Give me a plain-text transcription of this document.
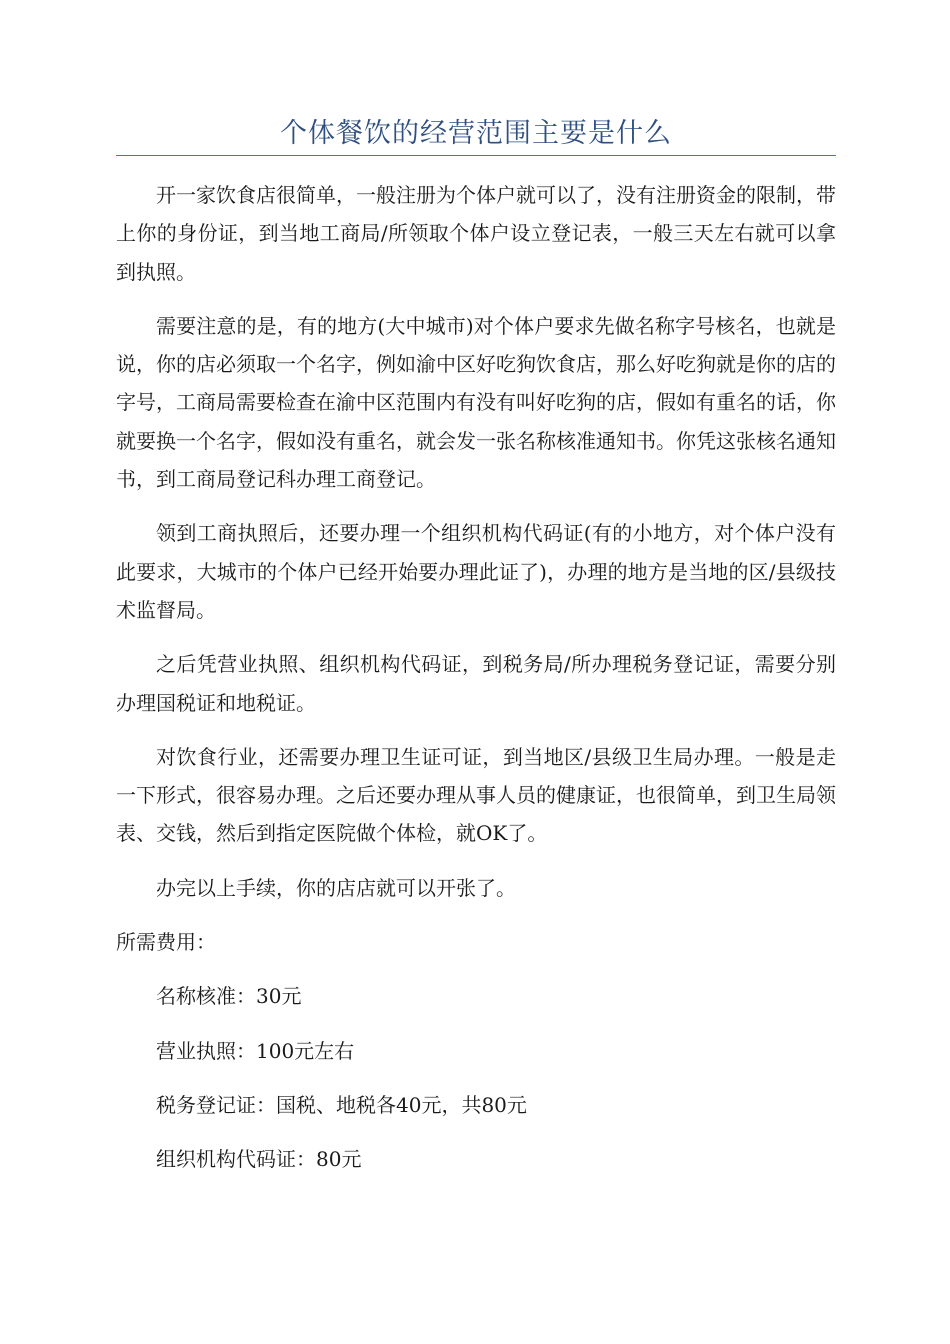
个体餐饮的经营范围主要是什么

开一家饮食店很简单，一般注册为个体户就可以了，没有注册资金的限制，带上你的身份证，到当地工商局/所领取个体户设立登记表，一般三天左右就可以拿到执照。

需要注意的是，有的地方(大中城市)对个体户要求先做名称字号核名，也就是说，你的店必须取一个名字，例如渝中区好吃狗饮食店，那么好吃狗就是你的店的字号，工商局需要检查在渝中区范围内有没有叫好吃狗的店，假如有重名的话，你就要换一个名字，假如没有重名，就会发一张名称核准通知书。你凭这张核名通知书，到工商局登记科办理工商登记。

领到工商执照后，还要办理一个组织机构代码证(有的小地方，对个体户没有此要求，大城市的个体户已经开始要办理此证了)，办理的地方是当地的区/县级技术监督局。

之后凭营业执照、组织机构代码证，到税务局/所办理税务登记证，需要分别办理国税证和地税证。

对饮食行业，还需要办理卫生证可证，到当地区/县级卫生局办理。一般是走一下形式，很容易办理。之后还要办理从事人员的健康证，也很简单，到卫生局领表、交钱，然后到指定医院做个体检，就OK了。

办完以上手续，你的店店就可以开张了。

所需费用：

名称核准：30元

营业执照：100元左右

税务登记证：国税、地税各40元，共80元

组织机构代码证：80元
